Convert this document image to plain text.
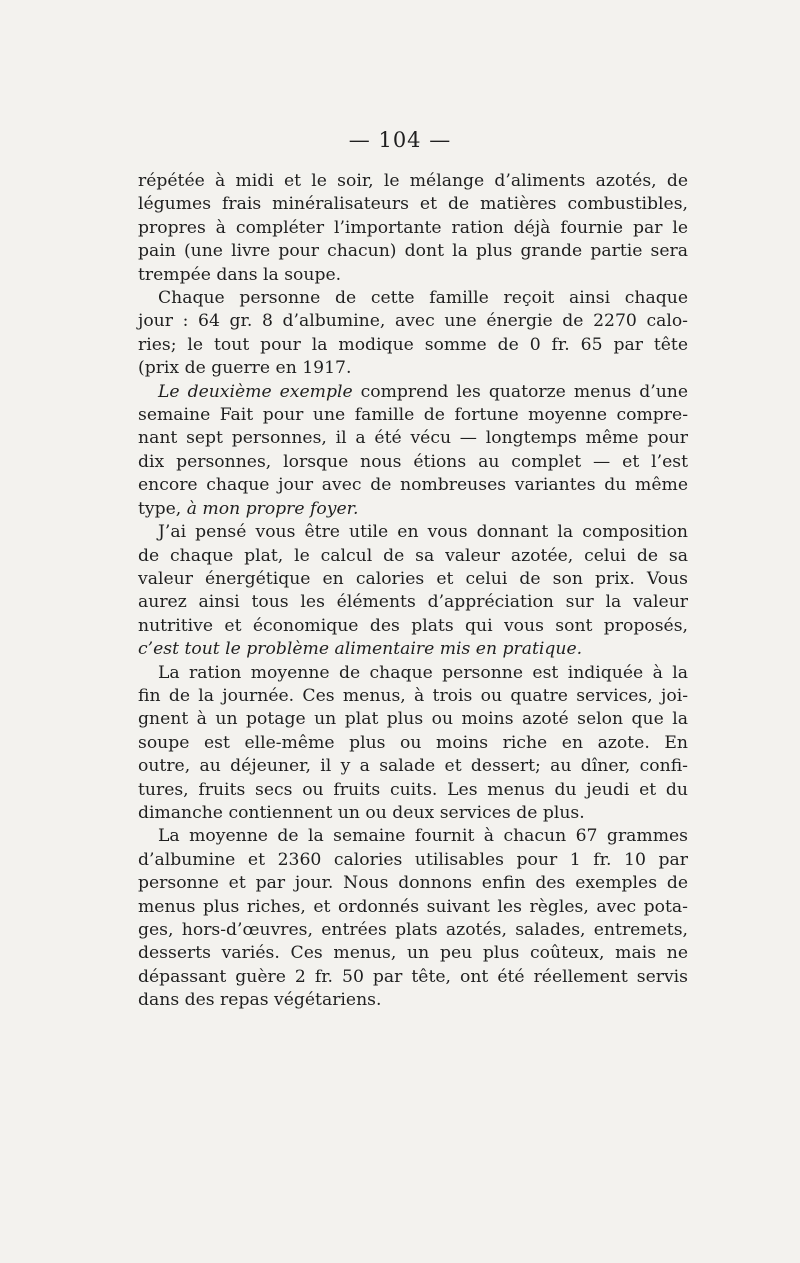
— 104 —
répétée à midi et le soir, le mélange d’aliments azotés, de
légumes frais minéralisateurs et de matières combustibles,
propres à compléter l’importante ration déjà fournie par le
pain (une livre pour chacun) dont la plus grande partie sera
trempée dans la soupe.
Chaque personne de cette famille reçoit ainsi chaque
jour : 64 gr. 8 d’albumine, avec une énergie de 2270 calo-
ries; le tout pour la modique somme de 0 fr. 65 par tête
(prix de guerre en 1917.
Le deuxième exemple comprend les quatorze menus d’une
semaine Fait pour une famille de fortune moyenne compre-
nant sept personnes, il a été vécu — longtemps même pour
dix personnes, lorsque nous étions au complet — et l’est
encore chaque jour avec de nombreuses variantes du même
type, à mon propre foyer.
J’ai pensé vous être utile en vous donnant la composition
de chaque plat, le calcul de sa valeur azotée, celui de sa
valeur énergétique en calories et celui de son prix. Vous
aurez ainsi tous les éléments d’appréciation sur la valeur
nutritive et économique des plats qui vous sont proposés,
c’est tout le problème alimentaire mis en pratique.
La ration moyenne de chaque personne est indiquée à la
fin de la journée. Ces menus, à trois ou quatre services, joi-
gnent à un potage un plat plus ou moins azoté selon que la
soupe est elle-même plus ou moins riche en azote. En
outre, au déjeuner, il y a salade et dessert; au dîner, confi-
tures, fruits secs ou fruits cuits. Les menus du jeudi et du
dimanche contiennent un ou deux services de plus.
La moyenne de la semaine fournit à chacun 67 grammes
d’albumine et 2360 calories utilisables pour 1 fr. 10 par
personne et par jour. Nous donnons enfin des exemples de
menus plus riches, et ordonnés suivant les règles, avec pota-
ges, hors-d’œuvres, entrées plats azotés, salades, entremets,
desserts variés. Ces menus, un peu plus coûteux, mais ne
dépassant guère 2 fr. 50 par tête, ont été réellement servis
dans des repas végétariens.
